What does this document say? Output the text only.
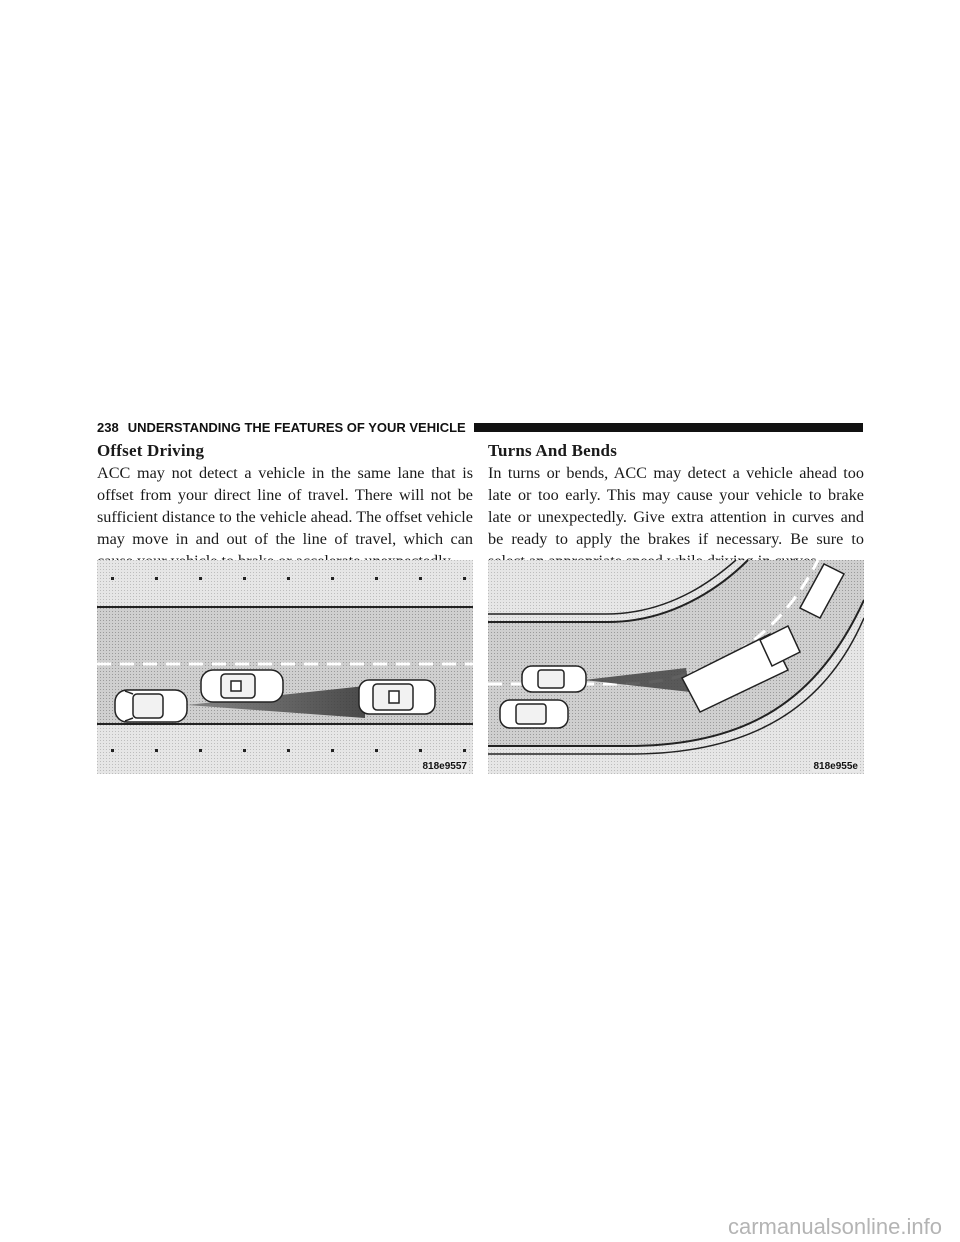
238 UNDERSTANDING THE FEATURES OF YOUR VEHICLE
Offset Driving

ACC may not detect a vehicle in the same lane that is offset from your direct line of travel. There will not be sufficient distance to the vehicle ahead. The offset vehicle may move in and out of the line of travel, which can

Turns And Bends

In turns or bends, ACC may detect a vehicle ahead too late or too early. This may cause your vehicle to brake late or unexpectedly. Give extra attention in curves and be ready to apply the brakes if necessary. Be sure to

818e9557	818e955e
carmanualsonline.info
